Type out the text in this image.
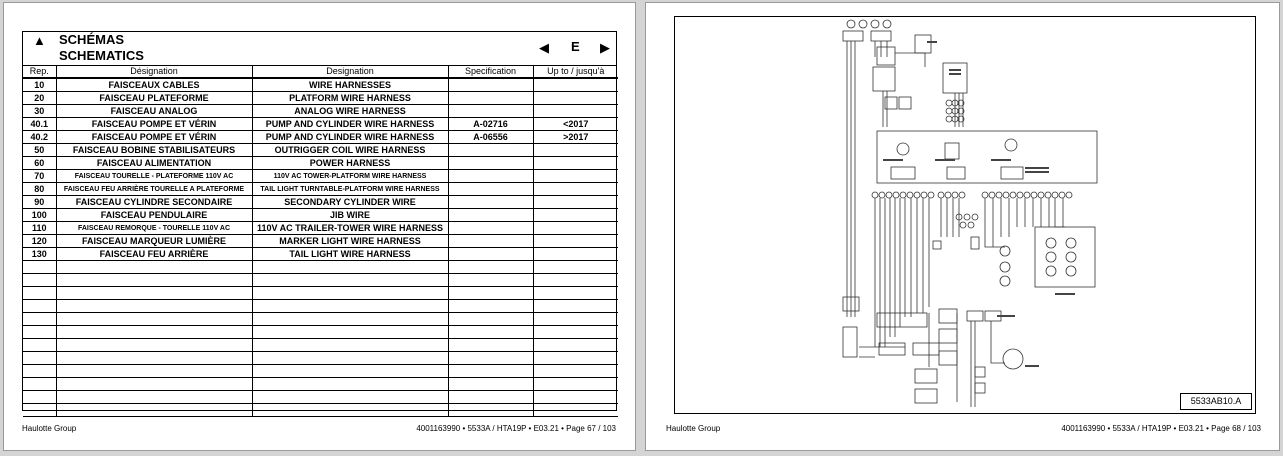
▲ SCHÉMAS
SCHEMATICS
◀ E ▶
Rep.	Désignation	Designation	Specification	Up to / jusqu'à
10	FAISCEAUX CABLES	WIRE HARNESSES		
20	FAISCEAU PLATEFORME	PLATFORM WIRE HARNESS		
30	FAISCEAU ANALOG	ANALOG WIRE HARNESS		
40.1	FAISCEAU POMPE ET VÉRIN	PUMP AND CYLINDER WIRE HARNESS	A-02716	<2017
40.2	FAISCEAU POMPE ET VÉRIN	PUMP AND CYLINDER WIRE HARNESS	A-06556	>2017
50	FAISCEAU BOBINE STABILISATEURS	OUTRIGGER COIL WIRE HARNESS		
60	FAISCEAU ALIMENTATION	POWER HARNESS		
70	FAISCEAU TOURELLE - PLATEFORME 110V AC	110V AC TOWER-PLATFORM WIRE HARNESS		
80	FAISCEAU FEU ARRIÈRE TOURELLE A PLATEFORME	TAIL LIGHT TURNTABLE-PLATFORM WIRE HARNESS		
90	FAISCEAU CYLINDRE SECONDAIRE	SECONDARY CYLINDER WIRE		
100	FAISCEAU PENDULAIRE	JIB WIRE		
110	FAISCEAU REMORQUE - TOURELLE 110V AC	110V AC TRAILER-TOWER WIRE HARNESS		
120	FAISCEAU MARQUEUR LUMIÈRE	MARKER LIGHT WIRE HARNESS		
130	FAISCEAU FEU ARRIÈRE	TAIL LIGHT WIRE HARNESS		

Haulotte Group	4001163990 • 5533A / HTA19P • E03.21 • Page 67 / 103
5533AB10.A
Haulotte Group	4001163990 • 5533A / HTA19P • E03.21 • Page 68 / 103
